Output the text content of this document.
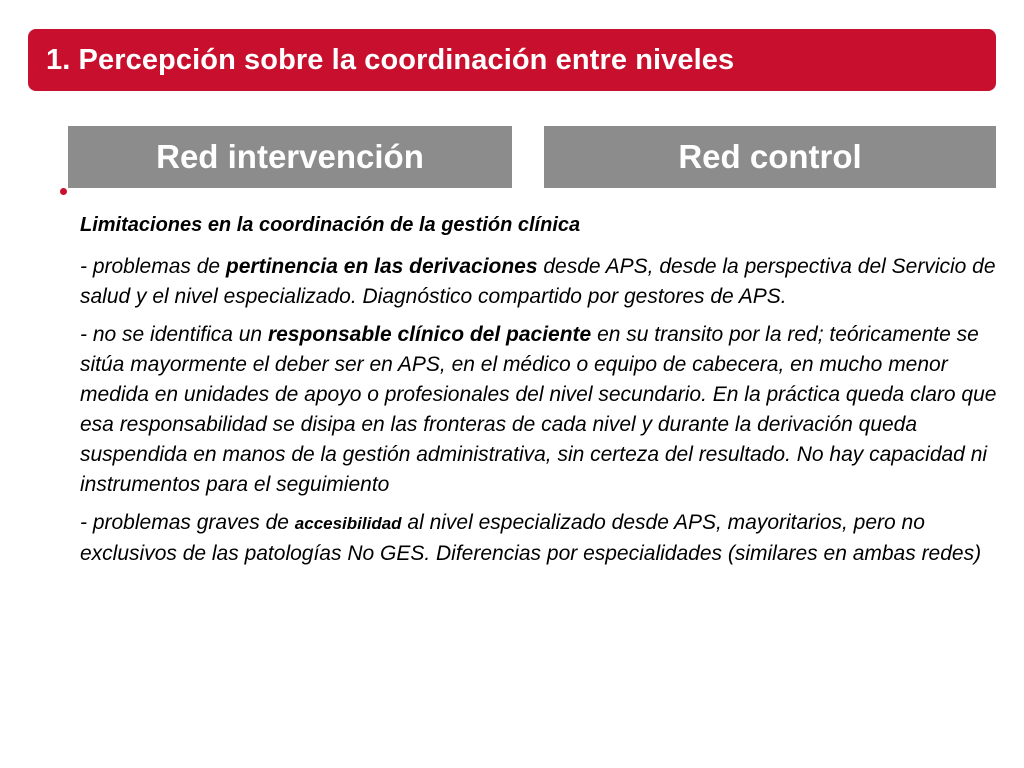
1. Percepción sobre la coordinación entre niveles
Red intervención	Red control

Limitaciones en la coordinación de la gestión clínica

- problemas de pertinencia en las derivaciones desde APS, desde la perspectiva del Servicio de salud y el nivel especializado. Diagnóstico compartido por gestores de APS.

- no se identifica un responsable clínico del paciente en su transito por la red; teóricamente se sitúa mayormente el deber ser en APS, en el médico o equipo de cabecera, en mucho menor medida en unidades de apoyo o profesionales del nivel secundario. En la práctica queda claro que esa responsabilidad se disipa en las fronteras de cada nivel y durante la derivación queda suspendida en manos de la gestión administrativa, sin certeza del resultado. No hay capacidad ni instrumentos para el seguimiento

- problemas graves de accesibilidad al nivel especializado desde APS, mayoritarios, pero no exclusivos de las patologías No GES. Diferencias por especialidades (similares en ambas redes)
